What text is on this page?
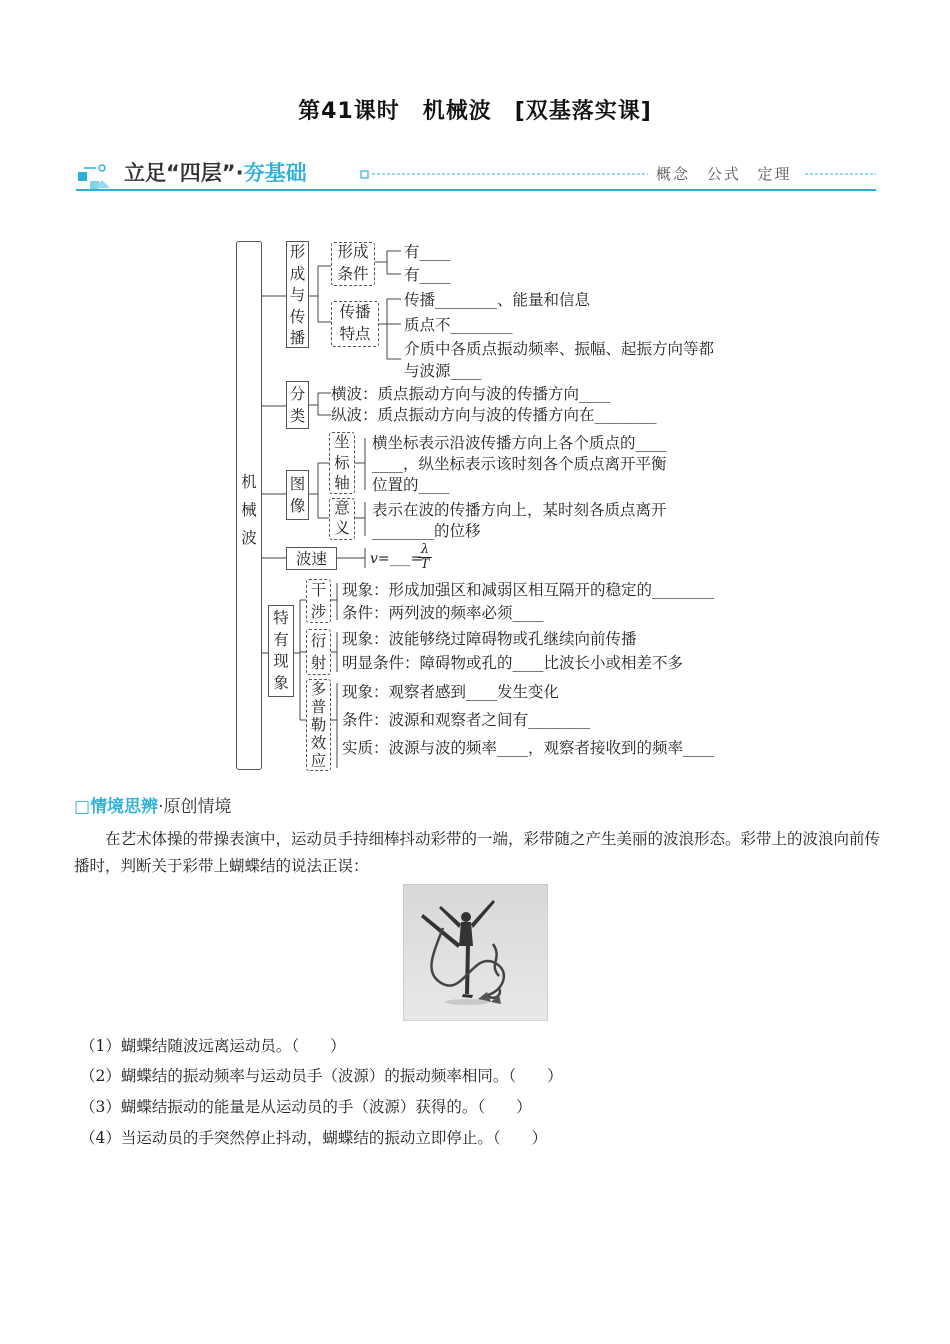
第41课时　机械波　[双基落实课]
立足“四层”·夯基础	概念 公式 定理
机械波
形成与传播
形成条件
有____
有____
传播特点
传播________、能量和信息
质点不________
介质中各质点振动频率、振幅、起振方向等都
与波源____
分类
横波：质点振动方向与波的传播方向____
纵波：质点振动方向与波的传播方向在________
图像
坐标轴
横坐标表示沿波传播方向上各个质点的____
____，纵坐标表示该时刻各个质点离开平衡
位置的____
意义
表示在波的传播方向上，某时刻各质点离开
________的位移
波速	v=___=
λ
T
特有现象
干涉
现象：形成加强区和减弱区相互隔开的稳定的________
条件：两列波的频率必须____
衍射
现象：波能够绕过障碍物或孔继续向前传播
明显条件：障碍物或孔的____比波长小或相差不多
多普勒效应
现象：观察者感到____发生变化
条件：波源和观察者之间有________
实质：波源与波的频率____，观察者接收到的频率____
□情境思辨·原创情境
在艺术体操的带操表演中，运动员手持细棒抖动彩带的一端，彩带随之产生美丽的波浪形态。彩带上的波浪向前传播时，判断关于彩带上蝴蝶结的说法正误：
（1）蝴蝶结随波远离运动员。（　　）
（2）蝴蝶结的振动频率与运动员手（波源）的振动频率相同。（　　）
（3）蝴蝶结振动的能量是从运动员的手（波源）获得的。（　　）
（4）当运动员的手突然停止抖动，蝴蝶结的振动立即停止。（　　）
